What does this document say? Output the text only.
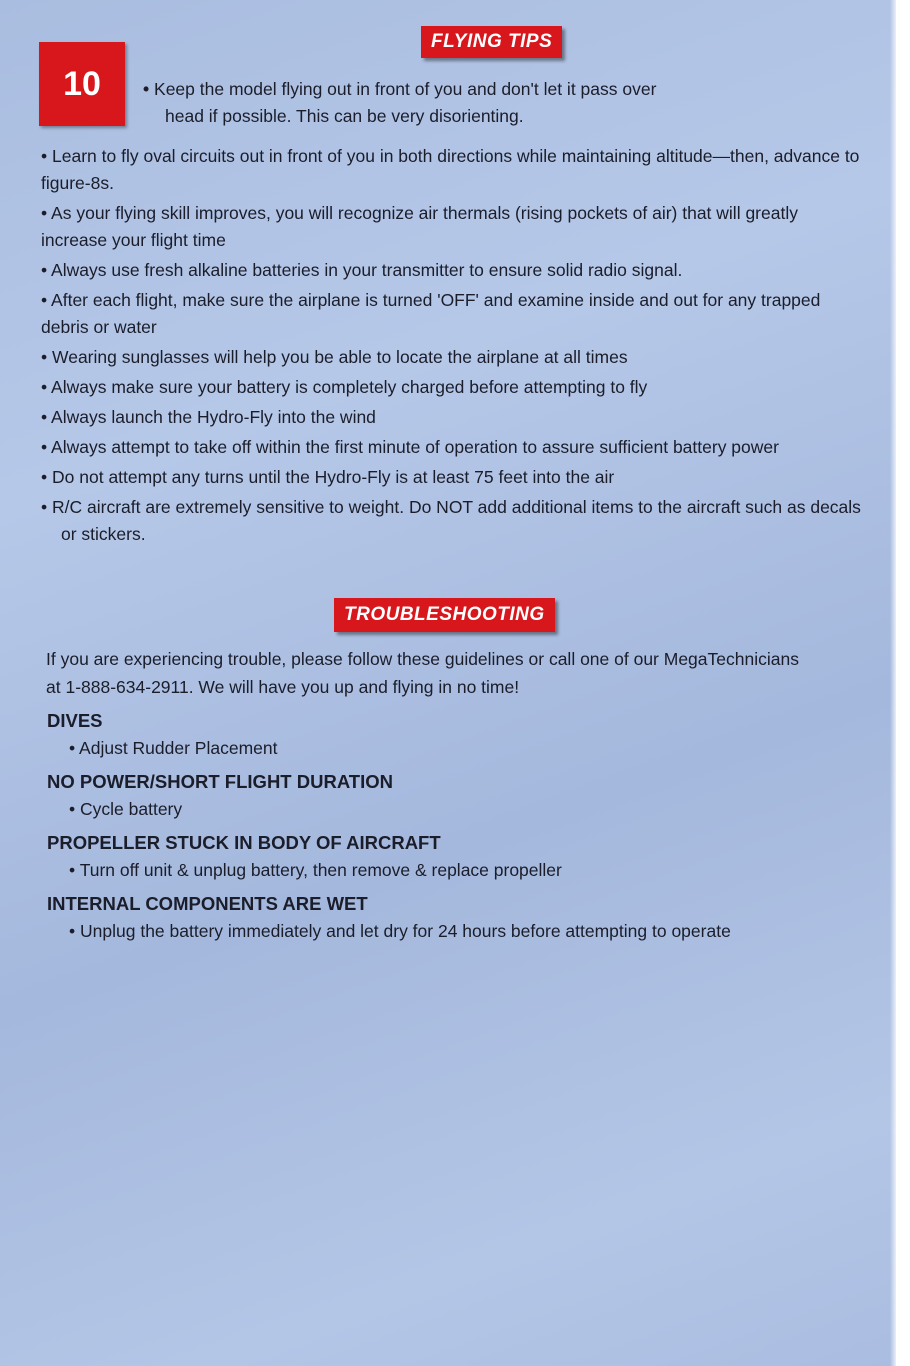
10
FLYING TIPS

• Keep the model flying out in front of you and don't let it pass over
head if possible. This can be very disorienting.

• Learn to fly oval circuits out in front of you in both directions while maintaining altitude—then, advance to figure-8s.
• As your flying skill improves, you will recognize air thermals (rising pockets of air) that will greatly increase your flight time
• Always use fresh alkaline batteries in your transmitter to ensure solid radio signal.
• After each flight, make sure the airplane is turned 'OFF' and examine inside and out for any trapped debris or water
• Wearing sunglasses will help you be able to locate the airplane at all times
• Always make sure your battery is completely charged before attempting to fly
• Always launch the Hydro-Fly into the wind
• Always attempt to take off within the first minute of operation to assure sufficient battery power
• Do not attempt any turns until the Hydro-Fly is at least 75 feet into the air
• R/C aircraft are extremely sensitive to weight. Do NOT add additional items to the aircraft such as decals or stickers.
TROUBLESHOOTING

If you are experiencing trouble, please follow these guidelines or call one of our MegaTechnicians at 1-888-634-2911. We will have you up and flying in no time!

DIVES

• Adjust Rudder Placement

NO POWER/SHORT FLIGHT DURATION

• Cycle battery

PROPELLER STUCK IN BODY OF AIRCRAFT

• Turn off unit & unplug battery, then remove & replace propeller

INTERNAL COMPONENTS ARE WET

• Unplug the battery immediately and let dry for 24 hours before attempting to operate
